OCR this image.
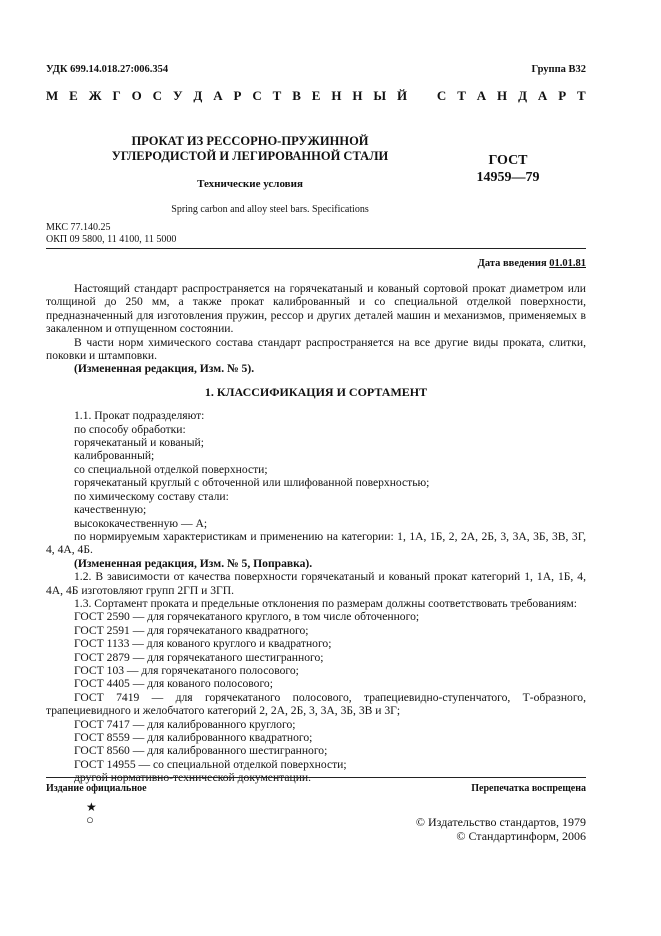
УДК 699.14.018.27:006.354	Группа В32
М Е Ж Г О С У Д А Р С Т В Е Н Н Ы Й С Т А Н Д А Р Т
ПРОКАТ ИЗ РЕССОРНО-ПРУЖИННОЙ
УГЛЕРОДИСТОЙ И ЛЕГИРОВАННОЙ СТАЛИ
Технические условия
Spring carbon and alloy steel bars. Specifications
ГОСТ
14959—79
МКС 77.140.25
ОКП 09 5800, 11 4100, 11 5000
Дата введения 01.01.81

Настоящий стандарт распространяется на горячекатаный и кованый сортовой прокат диаметром или толщиной до 250 мм, а также прокат калиброванный и со специальной отделкой поверхности, предназначенный для изготовления пружин, рессор и других деталей машин и механизмов, применяемых в закаленном и отпущенном состоянии.

В части норм химического состава стандарт распространяется на все другие виды проката, слитки, поковки и штамповки.

(Измененная редакция, Изм. № 5).

1. КЛАССИФИКАЦИЯ И СОРТАМЕНТ

1.1. Прокат подразделяют:

по способу обработки:
горячекатаный и кованый;
калиброванный;
со специальной отделкой поверхности;
горячекатаный круглый с обточенной или шлифованной поверхностью;
по химическому составу стали:
качественную;
высококачественную — А;

по нормируемым характеристикам и применению на категории: 1, 1А, 1Б, 2, 2А, 2Б, 3, 3А, 3Б, 3В, 3Г, 4, 4А, 4Б.

(Измененная редакция, Изм. № 5, Поправка).

1.2. В зависимости от качества поверхности горячекатаный и кованый прокат категорий 1, 1А, 1Б, 4, 4А, 4Б изготовляют групп 2ГП и 3ГП.

1.3. Сортамент проката и предельные отклонения по размерам должны соответствовать требованиям:

ГОСТ 2590 — для горячекатаного круглого, в том числе обточенного;
ГОСТ 2591 — для горячекатаного квадратного;
ГОСТ 1133 — для кованого круглого и квадратного;
ГОСТ 2879 — для горячекатаного шестигранного;
ГОСТ 103 — для горячекатаного полосового;
ГОСТ 4405 — для кованого полосового;

ГОСТ 7419 — для горячекатаного полосового, трапециевидно-ступенчатого, Т-образного, трапециевидного и желобчатого категорий 2, 2А, 2Б, 3, 3А, 3Б, 3В и 3Г;

ГОСТ 7417 — для калиброванного круглого;
ГОСТ 8559 — для калиброванного квадратного;
ГОСТ 8560 — для калиброванного шестигранного;
ГОСТ 14955 — со специальной отделкой поверхности;
Издание официальное	Перепечатка воспрещена
★
○	© Издательство стандартов, 1979
© Стандартинформ, 2006
